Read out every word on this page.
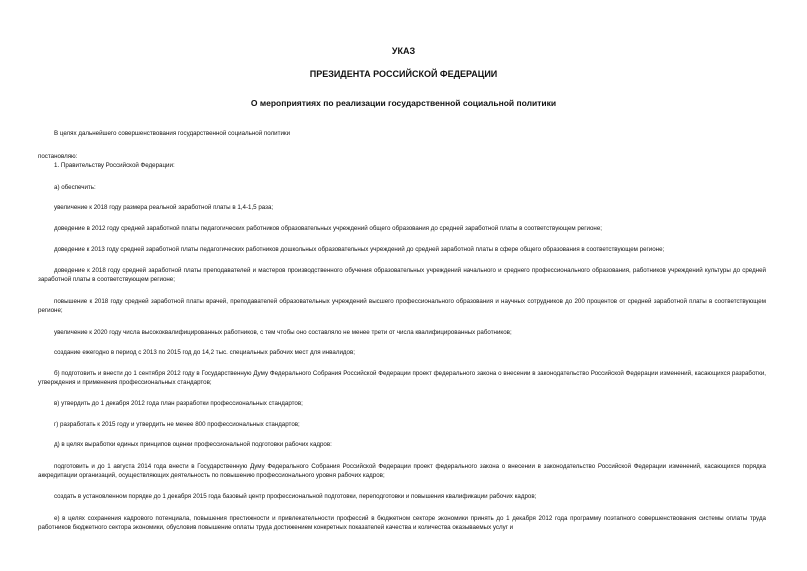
УКАЗ
ПРЕЗИДЕНТА РОССИЙСКОЙ ФЕДЕРАЦИИ
О мероприятиях по реализации государственной социальной политики
В целях дальнейшего совершенствования государственной социальной политики
постановляю:
1. Правительству Российской Федерации:
а) обеспечить:
увеличение к 2018 году размера реальной заработной платы в 1,4-1,5 раза;
доведение в 2012 году средней заработной платы педагогических работников образовательных учреждений общего образования до средней заработной платы в соответствующем регионе;
доведение к 2013 году средней заработной платы педагогических работников дошкольных образовательных учреждений до средней заработной платы в сфере общего образования в соответствующем регионе;
доведение к 2018 году средней заработной платы преподавателей и мастеров производственного обучения образовательных учреждений начального и среднего профессионального образования, работников учреждений культуры до средней заработной платы в соответствующем регионе;
повышение к 2018 году средней заработной платы врачей, преподавателей образовательных учреждений высшего профессионального образования и научных сотрудников до 200 процентов от средней заработной платы в соответствующем регионе;
увеличение к 2020 году числа высококвалифицированных работников, с тем чтобы оно составляло не менее трети от числа квалифицированных работников;
создание ежегодно в период с 2013 по 2015 год до 14,2 тыс. специальных рабочих мест для инвалидов;
б) подготовить и внести до 1 сентября 2012 году в Государственную Думу Федерального Собрания Российской Федерации проект федерального закона о внесении в законодательство Российской Федерации изменений, касающихся разработки, утверждения и применения профессиональных стандартов;
в) утвердить до 1 декабря 2012 года план разработки профессиональных стандартов;
г) разработать к 2015 году и утвердить не менее 800 профессиональных стандартов;
д) в целях выработки единых принципов оценки профессиональной подготовки рабочих кадров:
подготовить и до 1 августа 2014 года внести в Государственную Думу Федерального Собрания Российской Федерации проект федерального закона о внесении в законодательство Российской Федерации изменений, касающихся порядка аккредитации организаций, осуществляющих деятельность по повышению профессионального уровня рабочих кадров;
создать в установленном порядке до 1 декабря 2015 года базовый центр профессиональной подготовки, переподготовки и повышения квалификации рабочих кадров;
е) в целях сохранения кадрового потенциала, повышения престижности и привлекательности профессий в бюджетном секторе экономики принять до 1 декабря 2012 года программу поэтапного совершенствования системы оплаты труда работников бюджетного сектора экономики, обусловив повышение оплаты труда достижением конкретных показателей качества и количества оказываемых услуг и
